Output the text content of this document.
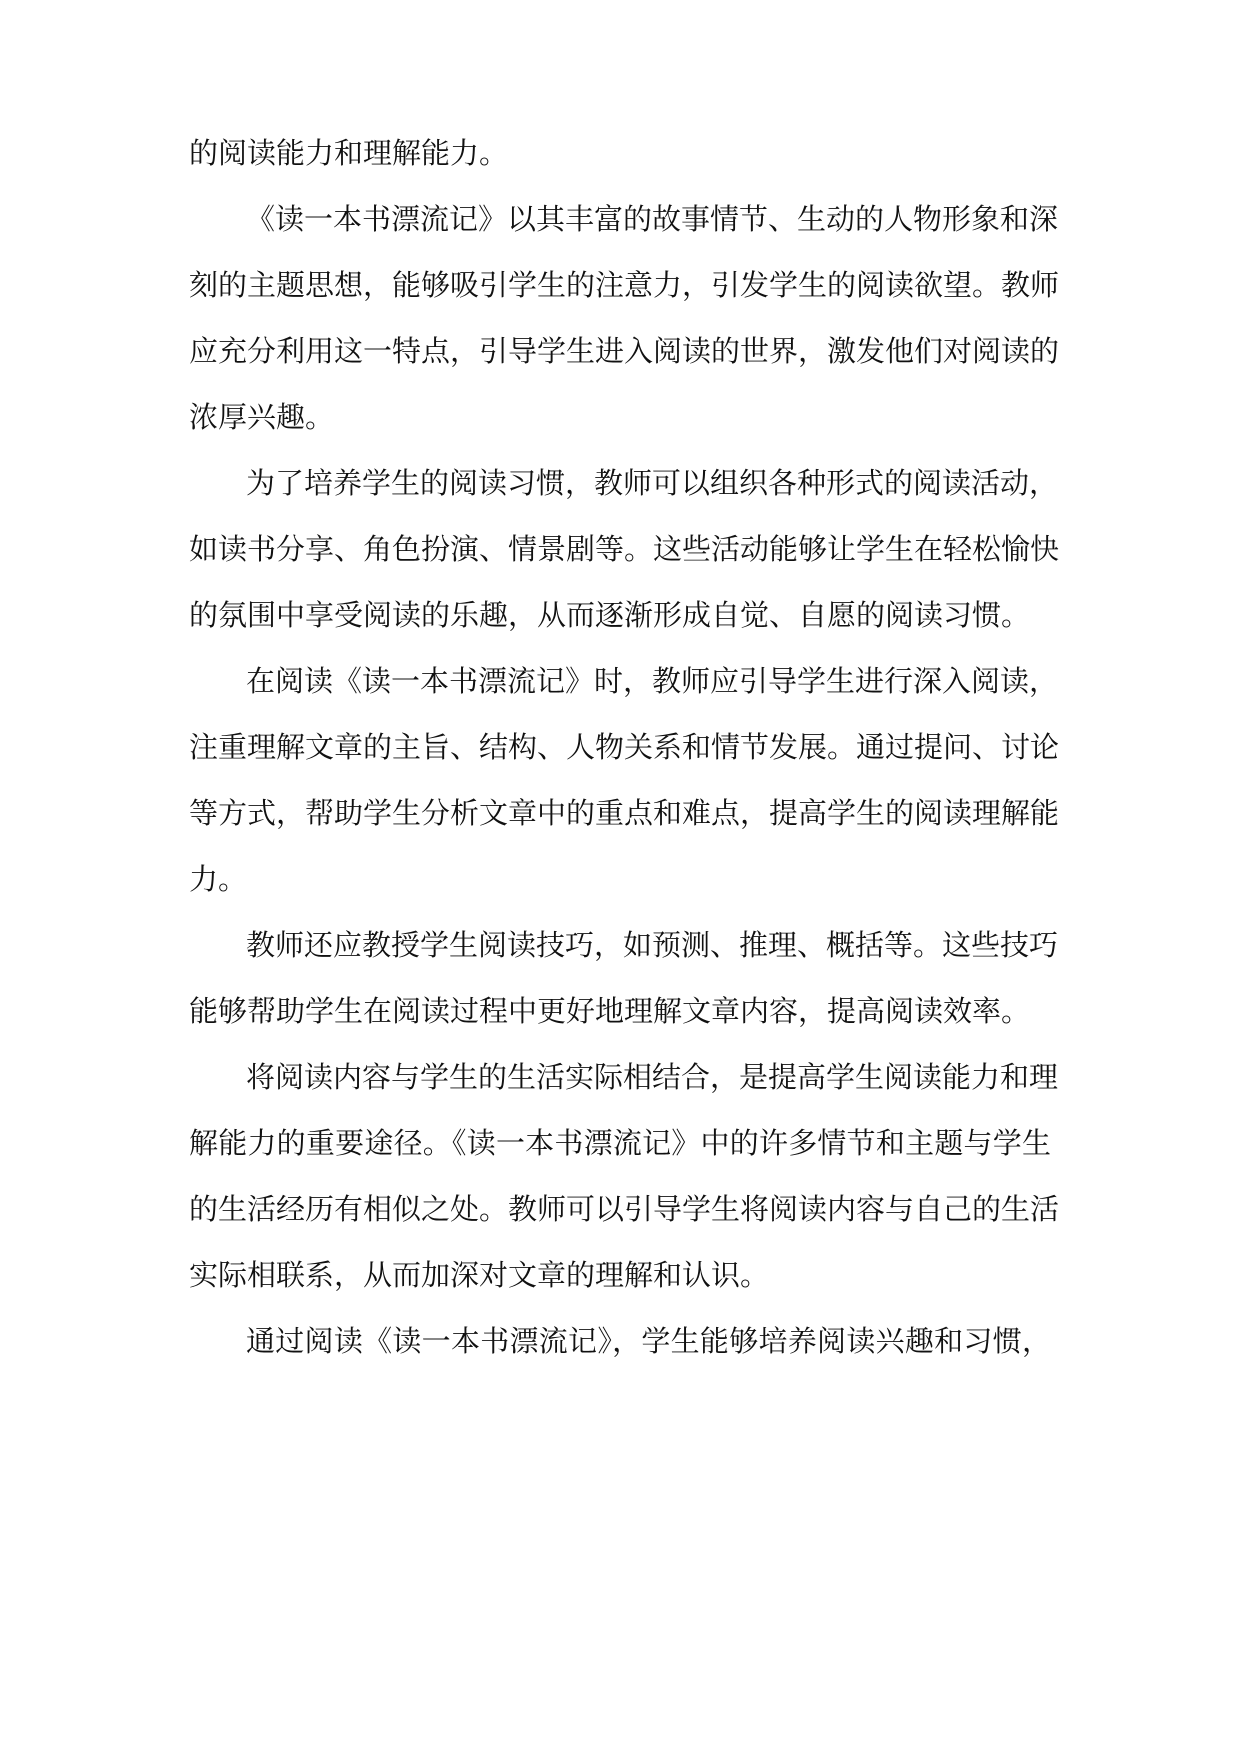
的阅读能力和理解能力。
《读一本书漂流记》以其丰富的故事情节、生动的人物形象和深
刻的主题思想，能够吸引学生的注意力，引发学生的阅读欲望。教师
应充分利用这一特点，引导学生进入阅读的世界，激发他们对阅读的
浓厚兴趣。
为了培养学生的阅读习惯，教师可以组织各种形式的阅读活动，
如读书分享、角色扮演、情景剧等。这些活动能够让学生在轻松愉快
的氛围中享受阅读的乐趣，从而逐渐形成自觉、自愿的阅读习惯。
在阅读《读一本书漂流记》时，教师应引导学生进行深入阅读，
注重理解文章的主旨、结构、人物关系和情节发展。通过提问、讨论
等方式，帮助学生分析文章中的重点和难点，提高学生的阅读理解能
力。
教师还应教授学生阅读技巧，如预测、推理、概括等。这些技巧
能够帮助学生在阅读过程中更好地理解文章内容，提高阅读效率。
将阅读内容与学生的生活实际相结合，是提高学生阅读能力和理
解能力的重要途径。《读一本书漂流记》中的许多情节和主题与学生
的生活经历有相似之处。教师可以引导学生将阅读内容与自己的生活
实际相联系，从而加深对文章的理解和认识。
通过阅读《读一本书漂流记》，学生能够培养阅读兴趣和习惯，
